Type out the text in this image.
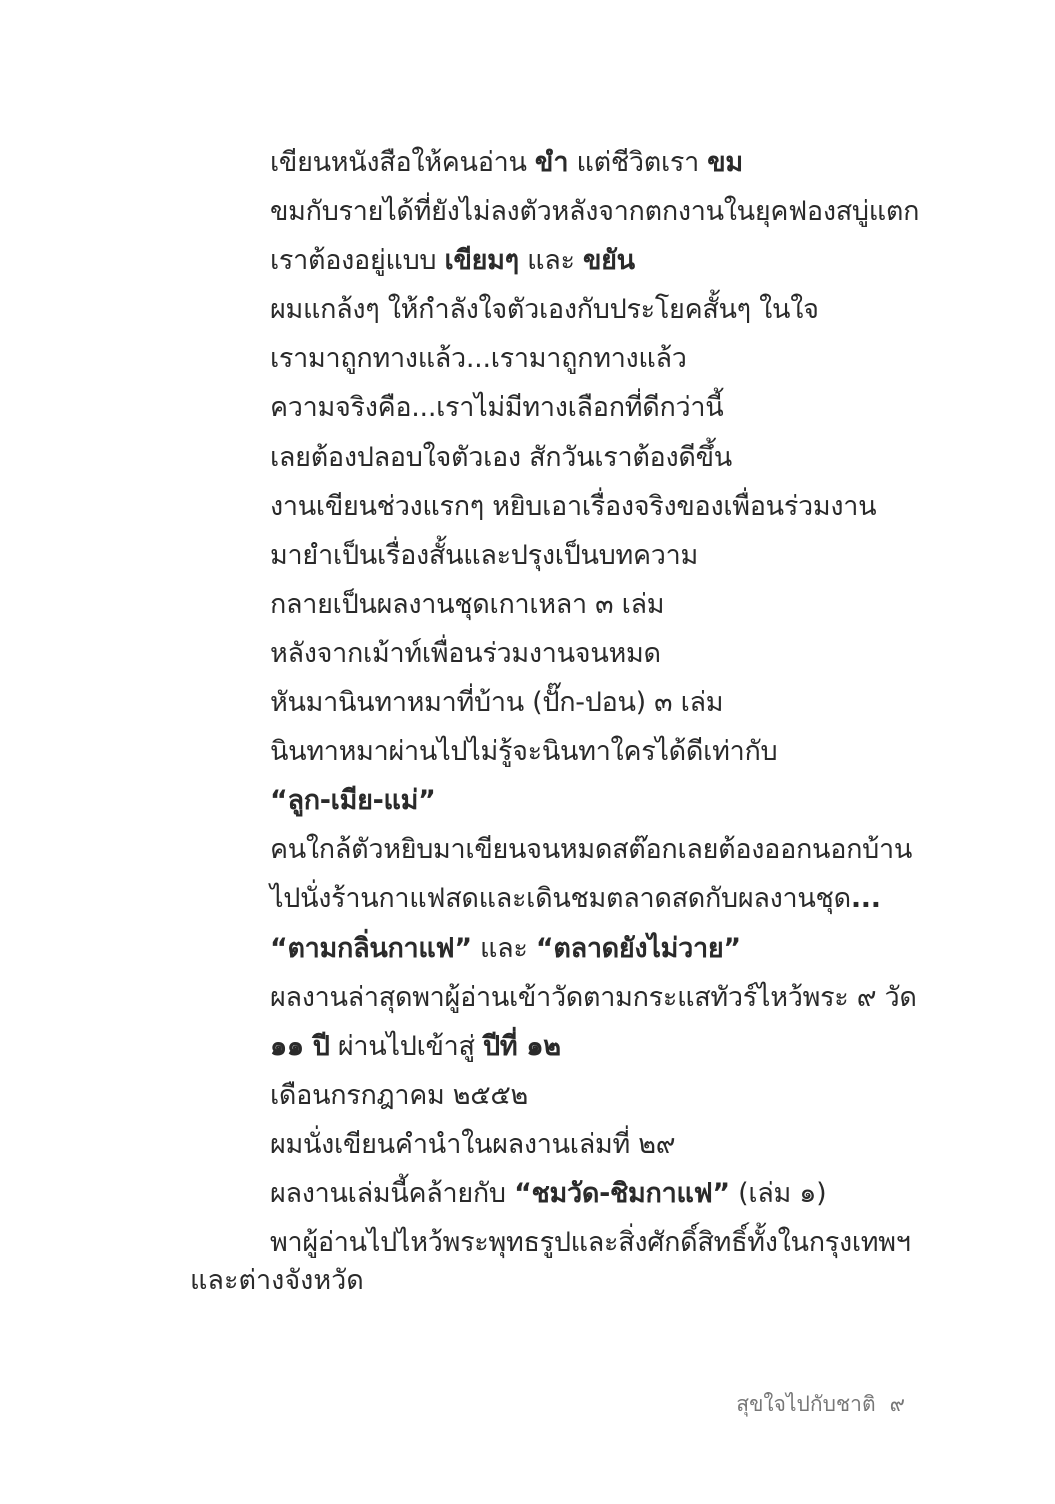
เขียนหนังสือให้คนอ่าน ขำ แต่ชีวิตเรา ขม
ขมกับรายได้ที่ยังไม่ลงตัวหลังจากตกงานในยุคฟองสบู่แตก
เราต้องอยู่แบบ เขียมๆ และ ขยัน
ผมแกล้งๆ ให้กำลังใจตัวเองกับประโยคสั้นๆ ในใจ
เรามาถูกทางแล้ว...เรามาถูกทางแล้ว
ความจริงคือ...เราไม่มีทางเลือกที่ดีกว่านี้
เลยต้องปลอบใจตัวเอง สักวันเราต้องดีขึ้น
งานเขียนช่วงแรกๆ หยิบเอาเรื่องจริงของเพื่อนร่วมงาน
มายำเป็นเรื่องสั้นและปรุงเป็นบทความ
กลายเป็นผลงานชุดเกาเหลา ๓ เล่ม
หลังจากเม้าท์เพื่อนร่วมงานจนหมด
หันมานินทาหมาที่บ้าน (ปั๊ก-ปอน) ๓ เล่ม
นินทาหมาผ่านไปไม่รู้จะนินทาใครได้ดีเท่ากับ
“ลูก-เมีย-แม่”
คนใกล้ตัวหยิบมาเขียนจนหมดสต๊อกเลยต้องออกนอกบ้าน
ไปนั่งร้านกาแฟสดและเดินชมตลาดสดกับผลงานชุด...
“ตามกลิ่นกาแฟ” และ “ตลาดยังไม่วาย”
ผลงานล่าสุดพาผู้อ่านเข้าวัดตามกระแสทัวร์ไหว้พระ ๙ วัด
๑๑ ปี ผ่านไปเข้าสู่ ปีที่ ๑๒
เดือนกรกฎาคม ๒๕๕๒
ผมนั่งเขียนคำนำในผลงานเล่มที่ ๒๙
ผลงานเล่มนี้คล้ายกับ “ชมวัด-ชิมกาแฟ” (เล่ม ๑)
พาผู้อ่านไปไหว้พระพุทธรูปและสิ่งศักดิ์สิทธิ์ทั้งในกรุงเทพฯ
และต่างจังหวัด
สุขใจไปกับชาติ ๙
